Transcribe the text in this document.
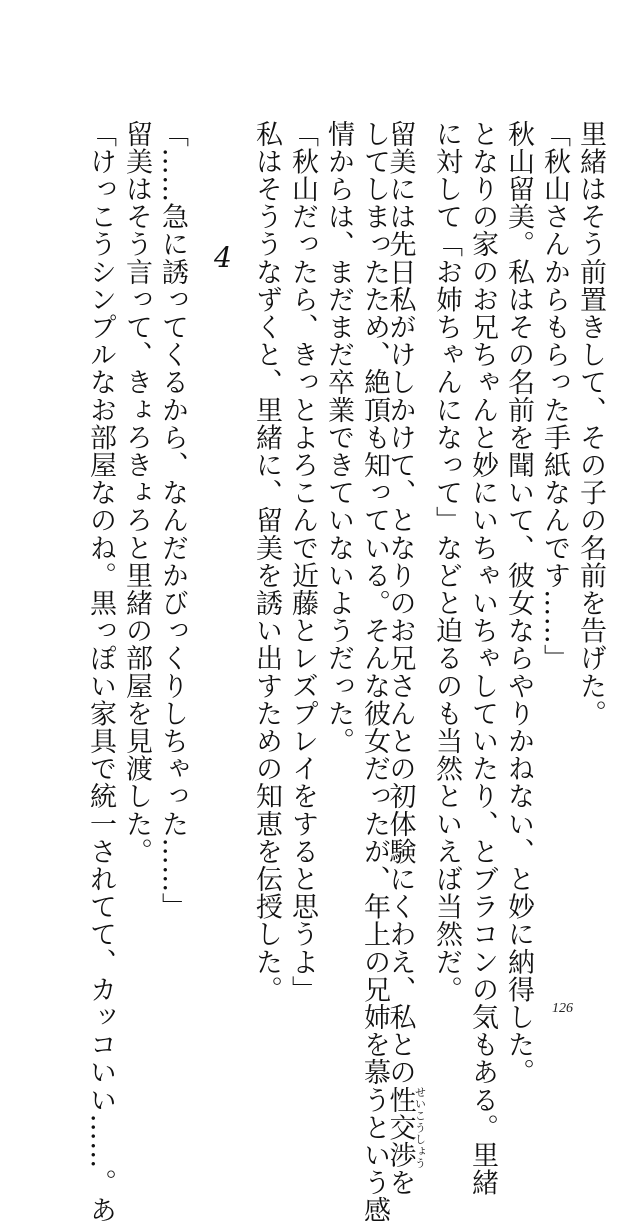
里緒はそう前置きして、その子の名前を告げた。
「秋山さんからもらった手紙なんです……」
秋山留美。私はその名前を聞いて、彼女ならやりかねない、と妙に納得した。
となりの家のお兄ちゃんと妙にいちゃいちゃしていたり、とブラコンの気もある。里緒
に対して「お姉ちゃんになって」などと迫るのも当然といえば当然だ。
留美には先日私がけしかけて、となりのお兄さんとの初体験にくわえ、私との性交渉せいこうしょうを
してしまったため、絶頂も知っている。そんな彼女だったが、年上の兄姉を慕うという感
情からは、まだまだ卒業できていないようだった。
「秋山だったら、きっとよろこんで近藤とレズプレイをすると思うよ」
私はそううなずくと、里緒に、留美を誘い出すための知恵を伝授した。
4
「……急に誘ってくるから、なんだかびっくりしちゃった……」
留美はそう言って、きょろきょろと里緒の部屋を見渡した。
「けっこうシンプルなお部屋なのね。黒っぽい家具で統一されてて、カッコいい……。あ	126
